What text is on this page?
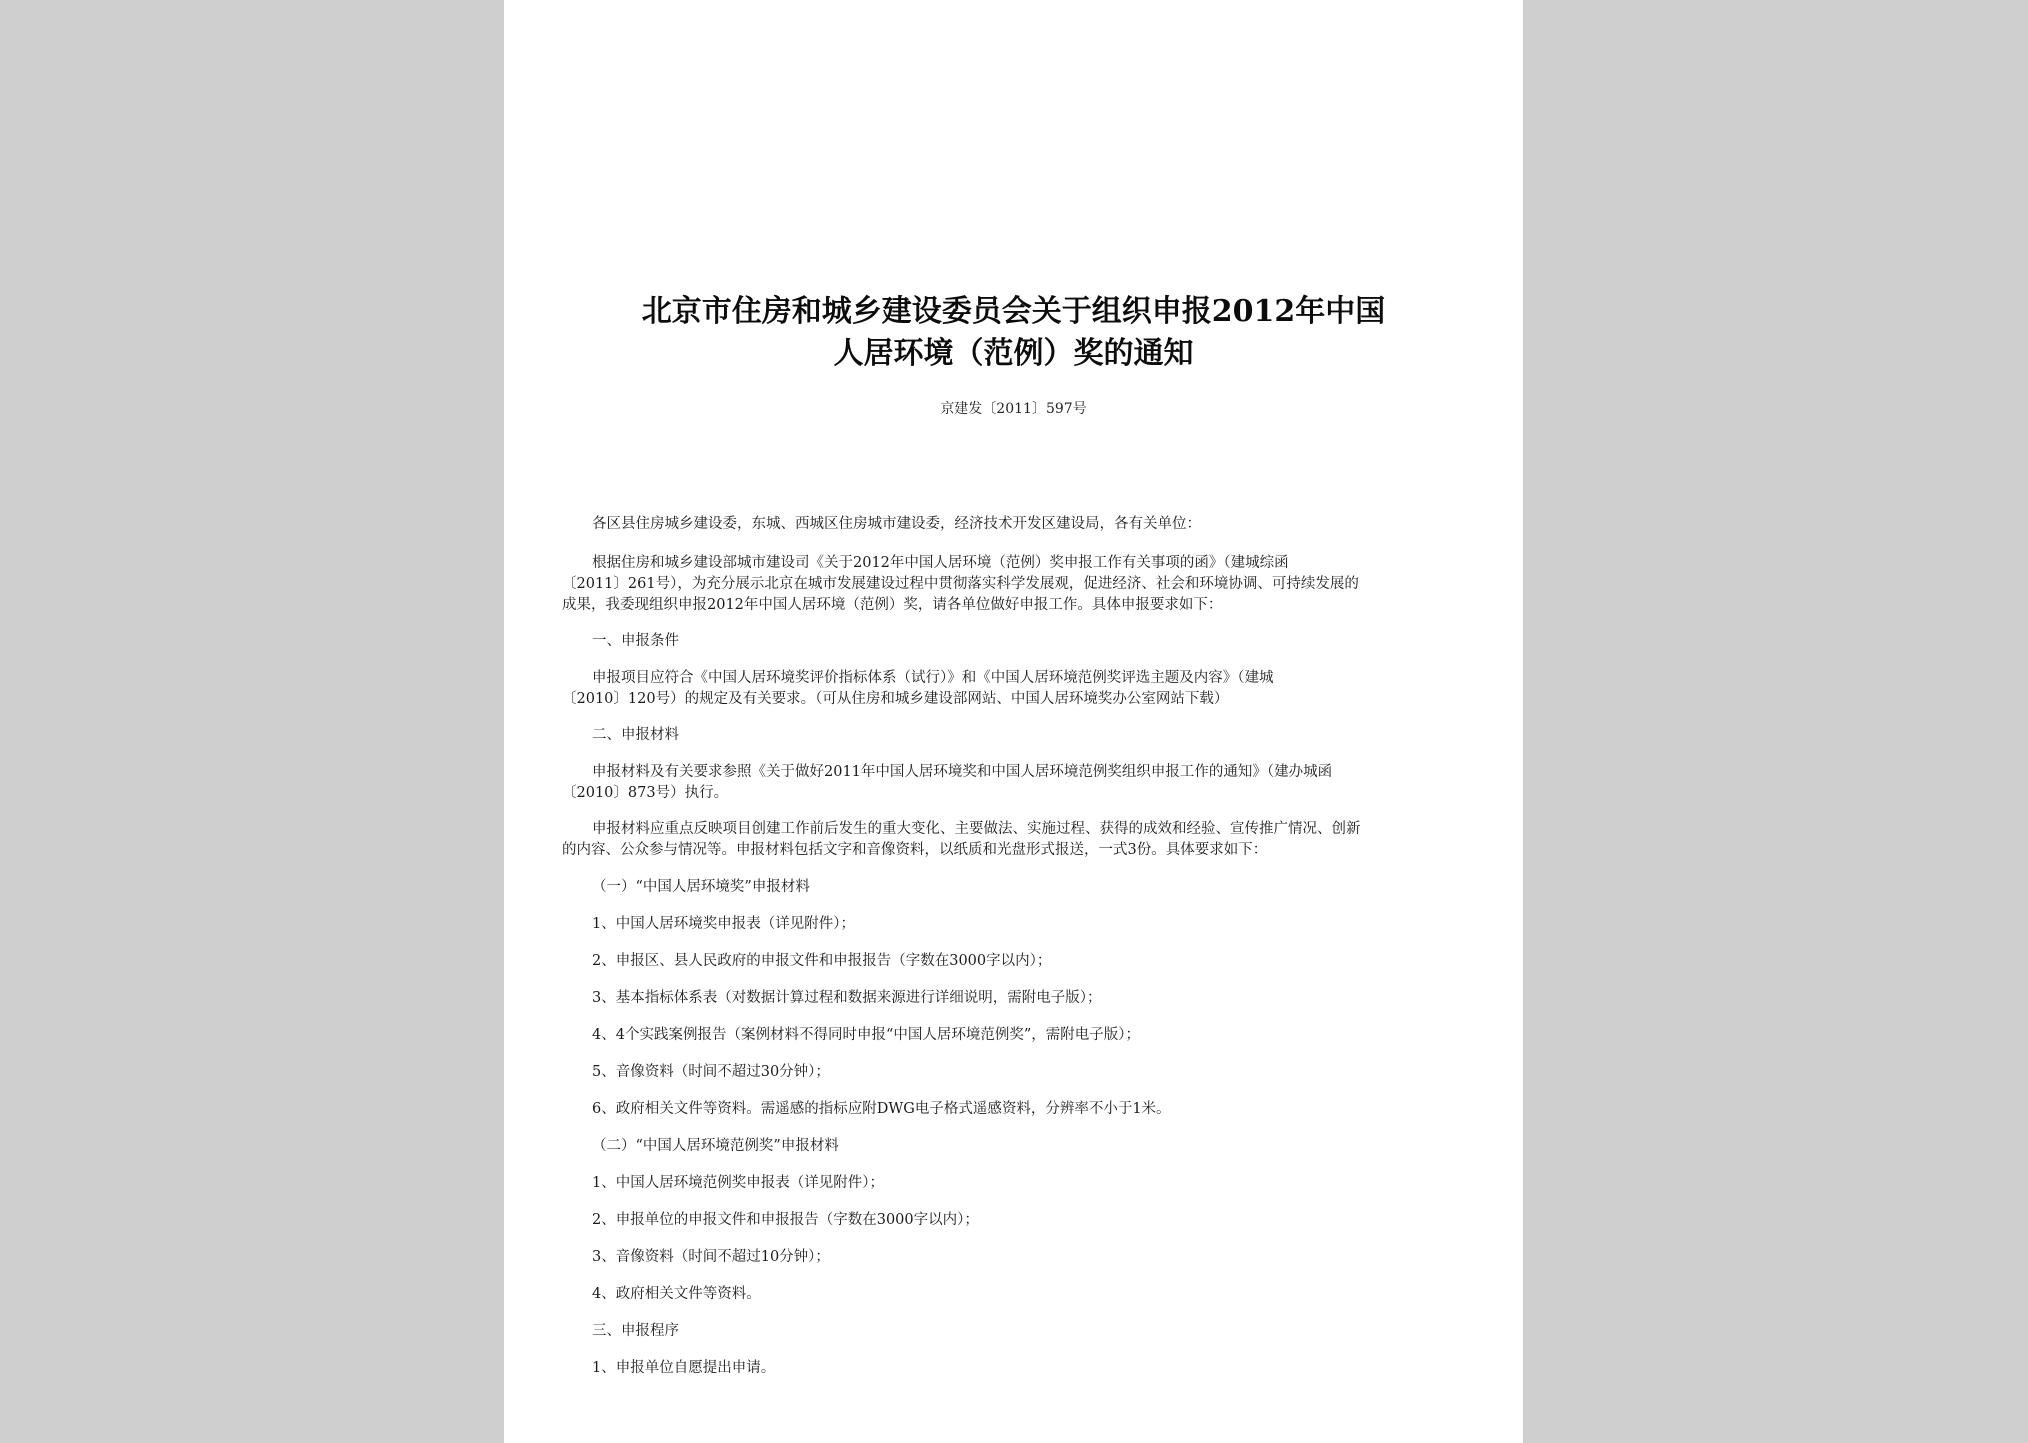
北京市住房和城乡建设委员会关于组织申报2012年中国
人居环境（范例）奖的通知
京建发〔2011〕597号
各区县住房城乡建设委，东城、西城区住房城市建设委，经济技术开发区建设局，各有关单位：
根据住房和城乡建设部城市建设司《关于2012年中国人居环境（范例）奖申报工作有关事项的函》（建城综函
〔2011〕261号），为充分展示北京在城市发展建设过程中贯彻落实科学发展观，促进经济、社会和环境协调、可持续发展的
成果，我委现组织申报2012年中国人居环境（范例）奖，请各单位做好申报工作。具体申报要求如下：
一、申报条件
申报项目应符合《中国人居环境奖评价指标体系（试行）》和《中国人居环境范例奖评选主题及内容》（建城
〔2010〕120号）的规定及有关要求。（可从住房和城乡建设部网站、中国人居环境奖办公室网站下载）
二、申报材料
申报材料及有关要求参照《关于做好2011年中国人居环境奖和中国人居环境范例奖组织申报工作的通知》（建办城函
〔2010〕873号）执行。
申报材料应重点反映项目创建工作前后发生的重大变化、主要做法、实施过程、获得的成效和经验、宣传推广情况、创新
的内容、公众参与情况等。申报材料包括文字和音像资料，以纸质和光盘形式报送，一式3份。具体要求如下：
（一）“中国人居环境奖”申报材料
1、中国人居环境奖申报表（详见附件）；
2、申报区、县人民政府的申报文件和申报报告（字数在3000字以内）；
3、基本指标体系表（对数据计算过程和数据来源进行详细说明，需附电子版）；
4、4个实践案例报告（案例材料不得同时申报“中国人居环境范例奖”，需附电子版）；
5、音像资料（时间不超过30分钟）；
6、政府相关文件等资料。需遥感的指标应附DWG电子格式遥感资料，分辨率不小于1米。
（二）“中国人居环境范例奖”申报材料
1、中国人居环境范例奖申报表（详见附件）；
2、申报单位的申报文件和申报报告（字数在3000字以内）；
3、音像资料（时间不超过10分钟）；
4、政府相关文件等资料。
三、申报程序
1、申报单位自愿提出申请。
